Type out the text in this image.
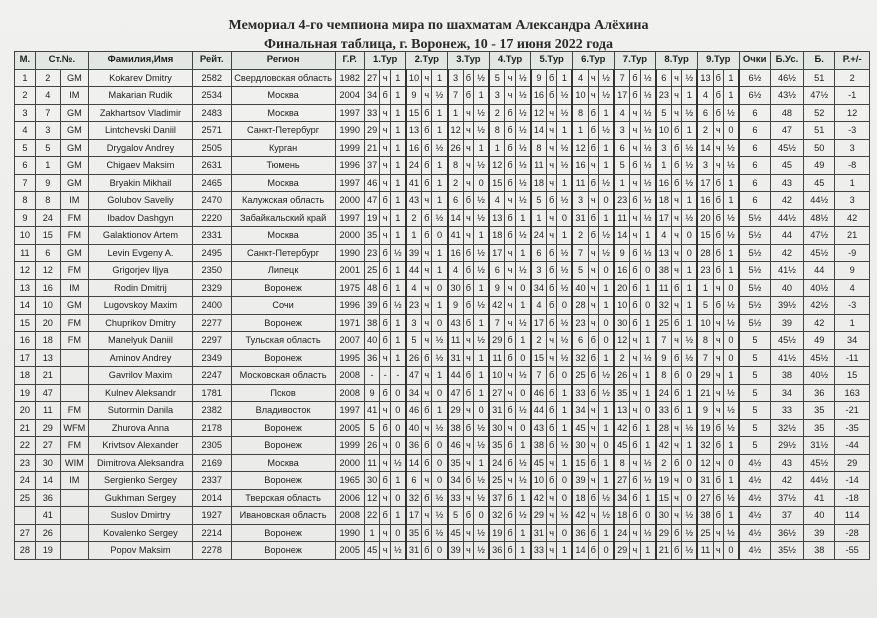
Мемориал 4-го чемпиона мира по шахматам Александра Алёхина
Финальная таблица, г. Воронеж, 10 - 17 июня 2022 года
М.	Ст.№.		Фамилия,Имя	Рейт.	Регион	Г.Р.	1.Тур			2.Тур			3.Тур			4.Тур			5.Тур			6.Тур			7.Тур			8.Тур			9.Тур			Очки	Б.Ус.	Б.	Р.+/-
1	2	GM	Kokarev Dmitry	2582	Свердловская область	1982	27	ч	1	10	ч	1	3	б	½	5	ч	½	9	б	1	4	ч	½	7	б	½	6	ч	½	13	б	1	6½	46½	51	2
2	4	IM	Makarian Rudik	2534	Москва	2004	34	б	1	9	ч	½	7	б	1	3	ч	½	16	б	½	10	ч	½	17	б	½	23	ч	1	4	б	1	6½	43½	47½	-1
3	7	GM	Zakhartsov Vladimir	2483	Москва	1997	33	ч	1	15	б	1	1	ч	½	2	б	½	12	ч	½	8	б	1	4	ч	½	5	ч	½	6	б	½	6	48	52	12
4	3	GM	Lintchevski Daniil	2571	Санкт-Петербург	1990	29	ч	1	13	б	1	12	ч	½	8	б	½	14	ч	1	1	б	½	3	ч	½	10	б	1	2	ч	0	6	47	51	-3
5	5	GM	Drygalov Andrey	2505	Курган	1999	21	ч	1	16	б	½	26	ч	1	1	б	½	8	ч	½	12	б	1	6	ч	½	3	б	½	14	ч	½	6	45½	50	3
6	1	GM	Chigaev Maksim	2631	Тюмень	1996	37	ч	1	24	б	1	8	ч	½	12	б	½	11	ч	½	16	ч	1	5	б	½	1	б	½	3	ч	½	6	45	49	-8
7	9	GM	Bryakin Mikhail	2465	Москва	1997	46	ч	1	41	б	1	2	ч	0	15	б	½	18	ч	1	11	б	½	1	ч	½	16	б	½	17	б	1	6	43	45	1
8	8	IM	Golubov Saveliy	2470	Калужская область	2000	47	б	1	43	ч	1	6	б	½	4	ч	½	5	б	½	3	ч	0	23	б	½	18	ч	1	16	б	1	6	42	44½	3
9	24	FM	Ibadov Dashgyn	2220	Забайкальский край	1997	19	ч	1	2	б	½	14	ч	½	13	б	1	1	ч	0	31	б	1	11	ч	½	17	ч	½	20	б	½	5½	44½	48½	42
10	15	FM	Galaktionov Artem	2331	Москва	2000	35	ч	1	1	б	0	41	ч	1	18	б	½	24	ч	1	2	б	½	14	ч	1	4	ч	0	15	б	½	5½	44	47½	21
11	6	GM	Levin Evgeny A.	2495	Санкт-Петербург	1990	23	б	½	39	ч	1	16	б	½	17	ч	1	6	б	½	7	ч	½	9	б	½	13	ч	0	28	б	1	5½	42	45½	-9
12	12	FM	Grigorjev Iljya	2350	Липецк	2001	25	б	1	44	ч	1	4	б	½	6	ч	½	3	б	½	5	ч	0	16	б	0	38	ч	1	23	б	1	5½	41½	44	9
13	16	IM	Rodin Dmitrij	2329	Воронеж	1975	48	б	1	4	ч	0	30	б	1	9	ч	0	34	б	½	40	ч	1	20	б	1	11	б	1	1	ч	0	5½	40	40½	4
14	10	GM	Lugovskoy Maxim	2400	Сочи	1996	39	б	½	23	ч	1	9	б	½	42	ч	1	4	б	0	28	ч	1	10	б	0	32	ч	1	5	б	½	5½	39½	42½	-3
15	20	FM	Chuprikov Dmitry	2277	Воронеж	1971	38	б	1	3	ч	0	43	б	1	7	ч	½	17	б	½	23	ч	0	30	б	1	25	б	1	10	ч	½	5½	39	42	1
16	18	FM	Manelyuk Daniil	2297	Тульская область	2007	40	б	1	5	ч	½	11	ч	½	29	б	1	2	ч	½	6	б	0	12	ч	1	7	ч	½	8	ч	0	5	45½	49	34
17	13		Aminov Andrey	2349	Воронеж	1995	36	ч	1	26	б	½	31	ч	1	11	б	0	15	ч	½	32	б	1	2	ч	½	9	б	½	7	ч	0	5	41½	45½	-11
18	21		Gavrilov Maxim	2247	Московская область	2008	-	-	-	47	ч	1	44	б	1	10	ч	½	7	б	0	25	б	½	26	ч	1	8	б	0	29	ч	1	5	38	40½	15
19	47		Kulnev Aleksandr	1781	Псков	2008	9	б	0	34	ч	0	47	б	1	27	ч	0	46	б	1	33	б	½	35	ч	1	24	б	1	21	ч	½	5	34	36	163
20	11	FM	Sutormin Danila	2382	Владивосток	1997	41	ч	0	46	б	1	29	ч	0	31	б	½	44	б	1	34	ч	1	13	ч	0	33	б	1	9	ч	½	5	33	35	-21
21	29	WFM	Zhurova Anna	2178	Воронеж	2005	5	б	0	40	ч	½	38	б	½	30	ч	0	43	б	1	45	ч	1	42	б	1	28	ч	½	19	б	½	5	32½	35	-35
22	27	FM	Krivtsov Alexander	2305	Воронеж	1999	26	ч	0	36	б	0	46	ч	½	35	б	1	38	б	½	30	ч	0	45	б	1	42	ч	1	32	б	1	5	29½	31½	-44
23	30	WIM	Dimitrova Aleksandra	2169	Москва	2000	11	ч	½	14	б	0	35	ч	1	24	б	½	45	ч	1	15	б	1	8	ч	½	2	б	0	12	ч	0	4½	43	45½	29
24	14	IM	Sergienko Sergey	2337	Воронеж	1965	30	б	1	6	ч	0	34	б	½	25	ч	½	10	б	0	39	ч	1	27	б	½	19	ч	0	31	б	1	4½	42	44½	-14
25	36		Gukhman Sergey	2014	Тверская область	2006	12	ч	0	32	б	½	33	ч	½	37	б	1	42	ч	0	18	б	½	34	б	1	15	ч	0	27	б	½	4½	37½	41	-18
	41		Suslov Dmirtry	1927	Ивановская область	2008	22	б	1	17	ч	½	5	б	0	32	б	½	29	ч	½	42	ч	½	18	б	0	30	ч	½	38	б	1	4½	37	40	114
27	26		Kovalenko Sergey	2214	Воронеж	1990	1	ч	0	35	б	½	45	ч	½	19	б	1	31	ч	0	36	б	1	24	ч	½	29	б	½	25	ч	½	4½	36½	39	-28
28	19		Popov Maksim	2278	Воронеж	2005	45	ч	½	31	б	0	39	ч	½	36	б	1	33	ч	1	14	б	0	29	ч	1	21	б	½	11	ч	0	4½	35½	38	-55
